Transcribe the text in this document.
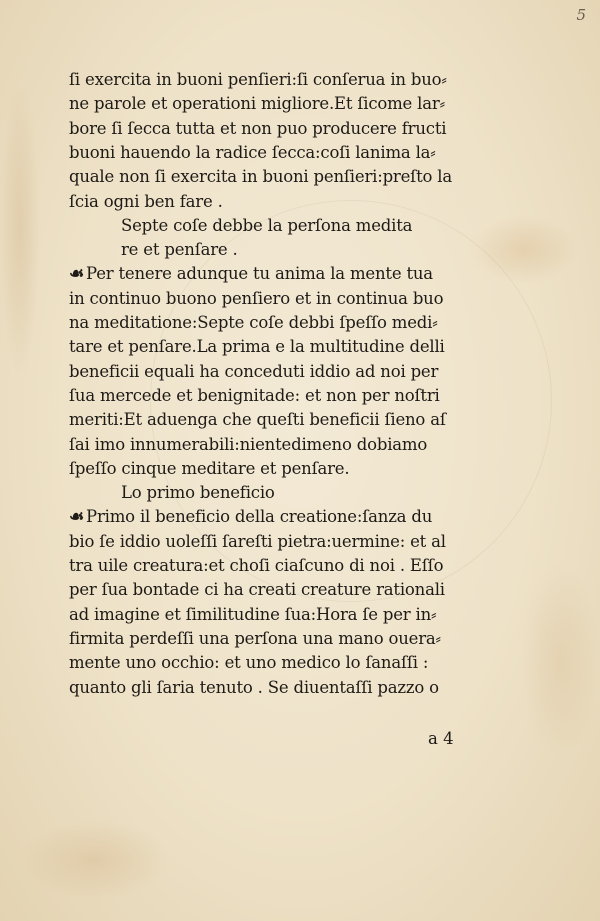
5
ſi exercita in buoni penſieri:ſi conſerua in buo⸗
ne parole et operationi migliore.Et ſicome lar⸗
bore ſi ſecca tutta et non puo producere fructi
buoni hauendo la radice ſecca:coſi lanima la⸗
quale non ſi exercita in buoni penſieri:preſto la
ſcia ogni ben fare .
Septe coſe debbe la perſona medita
re et penſare .
☙ Per tenere adunque tu anima la mente tua
in continuo buono penſiero et in continua buo
na meditatione:Septe coſe debbi ſpeſſo medi⸗
tare et penſare.La prima e la multitudine delli
beneficii equali ha conceduti iddio ad noi per
ſua mercede et benignitade: et non per noſtri
meriti:Et aduenga che queſti beneficii ſieno aſ
ſai imo innumerabili:nientedimeno dobiamo
ſpeſſo cinque meditare et penſare.
Lo primo beneficio
☙ Primo il beneficio della creatione:ſanza du
bio ſe iddio uoleſſi ſareſti pietra:uermine: et al
tra uile creatura:et choſi ciaſcuno di noi . Eſſo
per ſua bontade ci ha creati creature rationali
ad imagine et ſimilitudine ſua:Hora ſe per in⸗
firmita perdeſſi una perſona una mano ouera⸗
mente uno occhio: et uno medico lo ſanaſſi :
quanto gli ſaria tenuto . Se diuentaſſi pazzo o
a 4
